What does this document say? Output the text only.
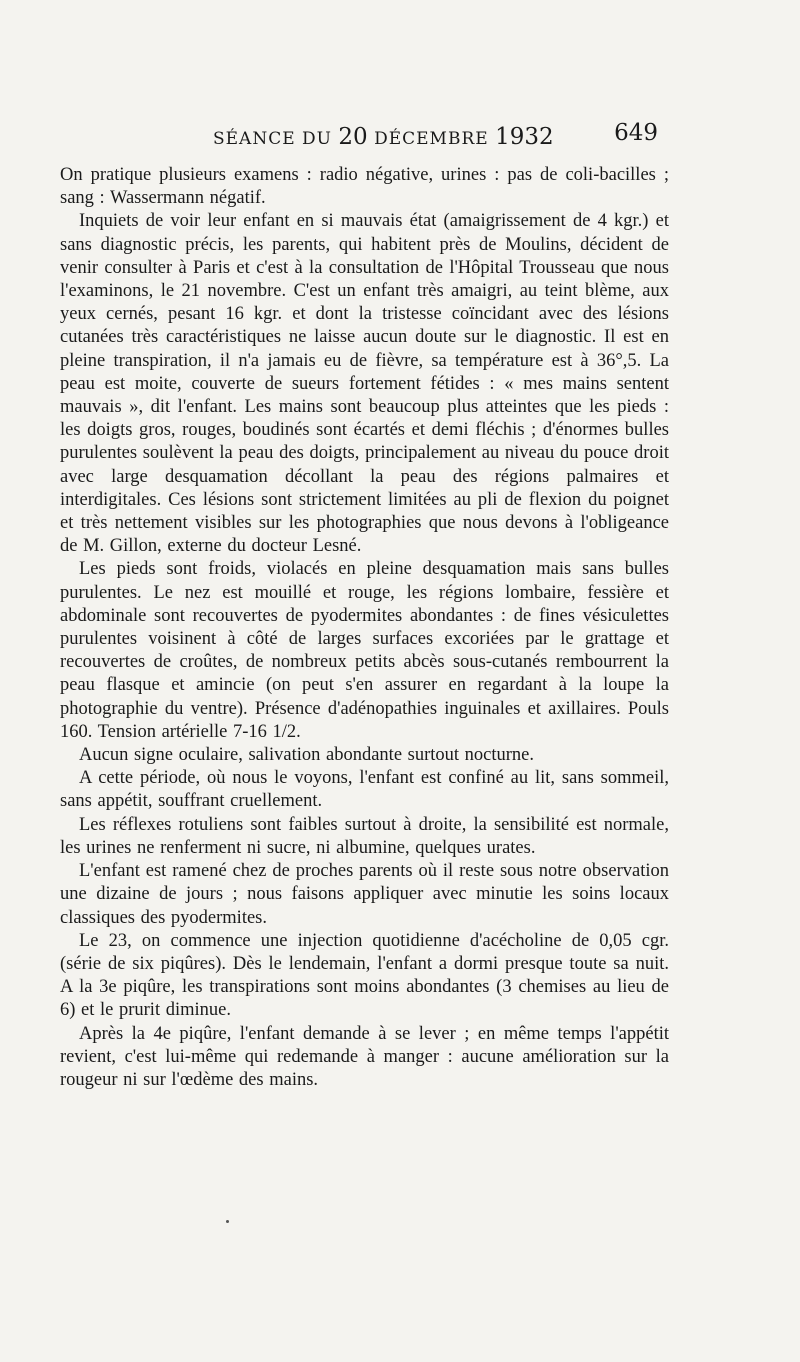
SÉANCE DU 20 DÉCEMBRE 1932	649

On pratique plusieurs examens : radio négative, urines : pas de coli-bacilles ; sang : Wassermann négatif.

Inquiets de voir leur enfant en si mauvais état (amaigrissement de 4 kgr.) et sans diagnostic précis, les parents, qui habitent près de Moulins, décident de venir consulter à Paris et c'est à la consultation de l'Hôpital Trousseau que nous l'examinons, le 21 novembre. C'est un enfant très amaigri, au teint blème, aux yeux cernés, pesant 16 kgr. et dont la tristesse coïncidant avec des lésions cutanées très caractéristiques ne laisse aucun doute sur le diagnostic. Il est en pleine transpiration, il n'a jamais eu de fièvre, sa température est à 36°,5. La peau est moite, couverte de sueurs fortement fétides : « mes mains sentent mauvais », dit l'enfant. Les mains sont beaucoup plus atteintes que les pieds : les doigts gros, rouges, boudinés sont écartés et demi fléchis ; d'énormes bulles purulentes soulèvent la peau des doigts, principalement au niveau du pouce droit avec large desquamation décollant la peau des régions palmaires et interdigitales. Ces lésions sont strictement limitées au pli de flexion du poignet et très nettement visibles sur les photographies que nous devons à l'obligeance de M. Gillon, externe du docteur Lesné.

Les pieds sont froids, violacés en pleine desquamation mais sans bulles purulentes. Le nez est mouillé et rouge, les régions lombaire, fessière et abdominale sont recouvertes de pyodermites abondantes : de fines vésiculettes purulentes voisinent à côté de larges surfaces excoriées par le grattage et recouvertes de croûtes, de nombreux petits abcès sous-cutanés rembourrent la peau flasque et amincie (on peut s'en assurer en regardant à la loupe la photographie du ventre). Présence d'adénopathies inguinales et axillaires. Pouls 160. Tension artérielle 7-16 1/2.

Aucun signe oculaire, salivation abondante surtout nocturne.

A cette période, où nous le voyons, l'enfant est confiné au lit, sans sommeil, sans appétit, souffrant cruellement.

Les réflexes rotuliens sont faibles surtout à droite, la sensibilité est normale, les urines ne renferment ni sucre, ni albumine, quelques urates.

L'enfant est ramené chez de proches parents où il reste sous notre observation une dizaine de jours ; nous faisons appliquer avec minutie les soins locaux classiques des pyodermites.

Le 23, on commence une injection quotidienne d'acécholine de 0,05 cgr. (série de six piqûres). Dès le lendemain, l'enfant a dormi presque toute sa nuit. A la 3e piqûre, les transpirations sont moins abondantes (3 chemises au lieu de 6) et le prurit diminue.

Après la 4e piqûre, l'enfant demande à se lever ; en même temps l'appétit revient, c'est lui-même qui redemande à manger : aucune amélioration sur la rougeur ni sur l'œdème des mains.
